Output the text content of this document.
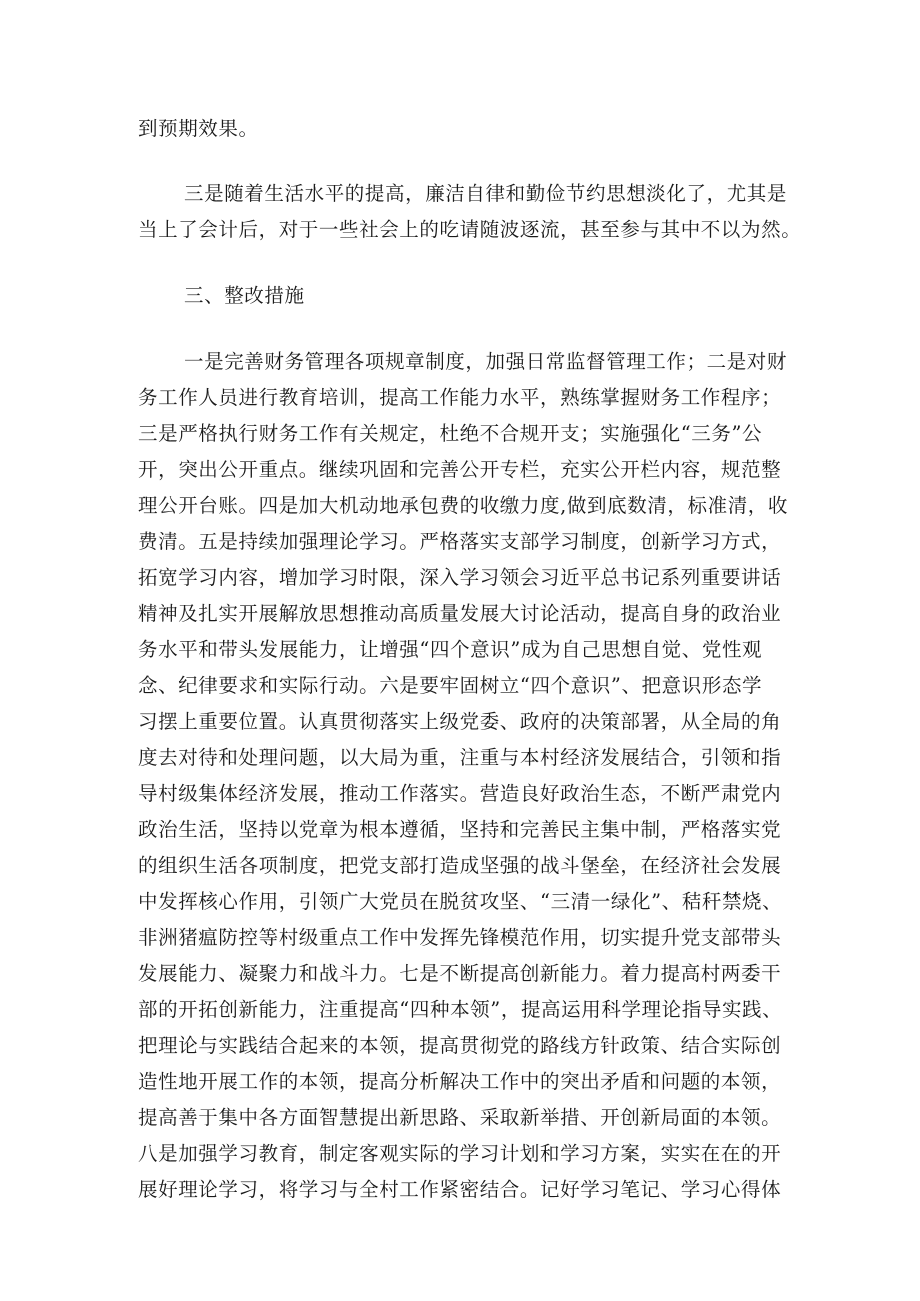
到预期效果。
三是随着生活水平的提高，廉洁自律和勤俭节约思想淡化了，尤其是
当上了会计后，对于一些社会上的吃请随波逐流，甚至参与其中不以为然。
三、整改措施
一是完善财务管理各项规章制度，加强日常监督管理工作；二是对财
务工作人员进行教育培训，提高工作能力水平，熟练掌握财务工作程序；
三是严格执行财务工作有关规定，杜绝不合规开支；实施强化“三务”公
开，突出公开重点。继续巩固和完善公开专栏，充实公开栏内容，规范整
理公开台账。四是加大机动地承包费的收缴力度,做到底数清，标准清，收
费清。五是持续加强理论学习。严格落实支部学习制度，创新学习方式，
拓宽学习内容，增加学习时限，深入学习领会习近平总书记系列重要讲话
精神及扎实开展解放思想推动高质量发展大讨论活动，提高自身的政治业
务水平和带头发展能力，让增强“四个意识”成为自己思想自觉、党性观
念、纪律要求和实际行动。六是要牢固树立“四个意识”、把意识形态学
习摆上重要位置。认真贯彻落实上级党委、政府的决策部署，从全局的角
度去对待和处理问题，以大局为重，注重与本村经济发展结合，引领和指
导村级集体经济发展，推动工作落实。营造良好政治生态，不断严肃党内
政治生活，坚持以党章为根本遵循，坚持和完善民主集中制，严格落实党
的组织生活各项制度，把党支部打造成坚强的战斗堡垒，在经济社会发展
中发挥核心作用，引领广大党员在脱贫攻坚、“三清一绿化”、秸秆禁烧、
非洲猪瘟防控等村级重点工作中发挥先锋模范作用，切实提升党支部带头
发展能力、凝聚力和战斗力。七是不断提高创新能力。着力提高村两委干
部的开拓创新能力，注重提高“四种本领”，提高运用科学理论指导实践、
把理论与实践结合起来的本领，提高贯彻党的路线方针政策、结合实际创
造性地开展工作的本领，提高分析解决工作中的突出矛盾和问题的本领，
提高善于集中各方面智慧提出新思路、采取新举措、开创新局面的本领。
八是加强学习教育，制定客观实际的学习计划和学习方案，实实在在的开
展好理论学习，将学习与全村工作紧密结合。记好学习笔记、学习心得体
